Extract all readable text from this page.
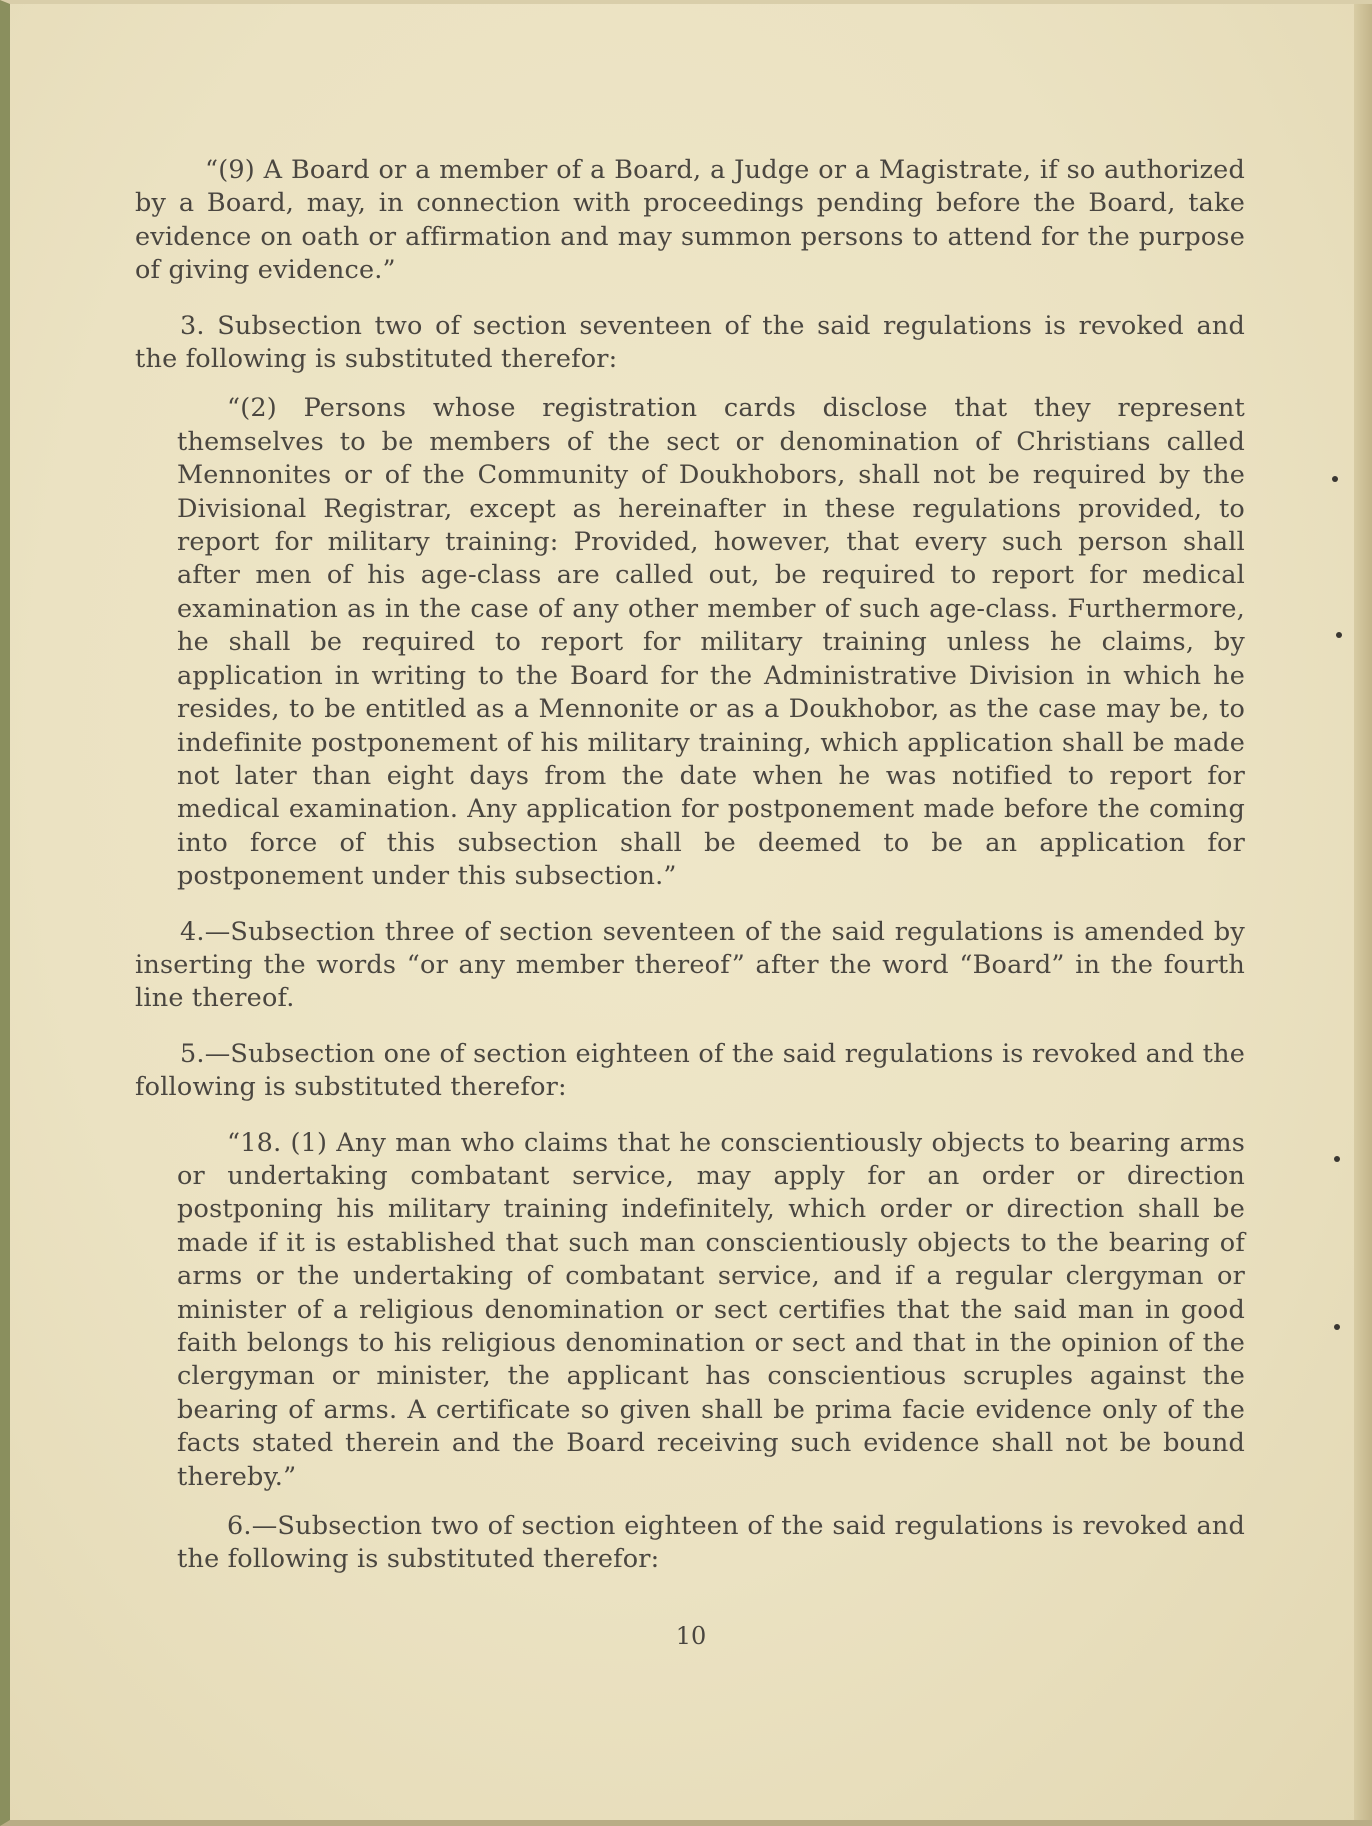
“(9) A Board or a member of a Board, a Judge or a Magistrate, if so authorized by a Board, may, in connection with proceedings pending before the Board, take evidence on oath or affirmation and may summon persons to attend for the purpose of giving evidence.”

3. Subsection two of section seventeen of the said regulations is revoked and the following is substituted therefor:

“(2) Persons whose registration cards disclose that they represent themselves to be members of the sect or denomination of Christians called Mennonites or of the Community of Doukhobors, shall not be required by the Divisional Registrar, except as hereinafter in these regulations provided, to report for military training: Provided, however, that every such person shall after men of his age-class are called out, be required to report for medical examination as in the case of any other member of such age-class. Furthermore, he shall be required to report for military training unless he claims, by application in writing to the Board for the Administrative Division in which he resides, to be entitled as a Mennonite or as a Doukhobor, as the case may be, to indefinite postponement of his military training, which application shall be made not later than eight days from the date when he was notified to report for medical examination. Any application for postponement made before the coming into force of this subsection shall be deemed to be an application for postponement under this subsection.”

4.—Subsection three of section seventeen of the said regulations is amended by inserting the words “or any member thereof” after the word “Board” in the fourth line thereof.

5.—Subsection one of section eighteen of the said regulations is revoked and the following is substituted therefor:

“18. (1) Any man who claims that he conscientiously objects to bearing arms or undertaking combatant service, may apply for an order or direction postponing his military training indefinitely, which order or direction shall be made if it is established that such man conscientiously objects to the bearing of arms or the undertaking of combatant service, and if a regular clergyman or minister of a religious denomination or sect certifies that the said man in good faith belongs to his religious denomination or sect and that in the opinion of the clergyman or minister, the applicant has conscientious scruples against the bearing of arms. A certificate so given shall be prima facie evidence only of the facts stated therein and the Board receiving such evidence shall not be bound thereby.”

6.—Subsection two of section eighteen of the said regulations is revoked and the following is substituted therefor:

10
